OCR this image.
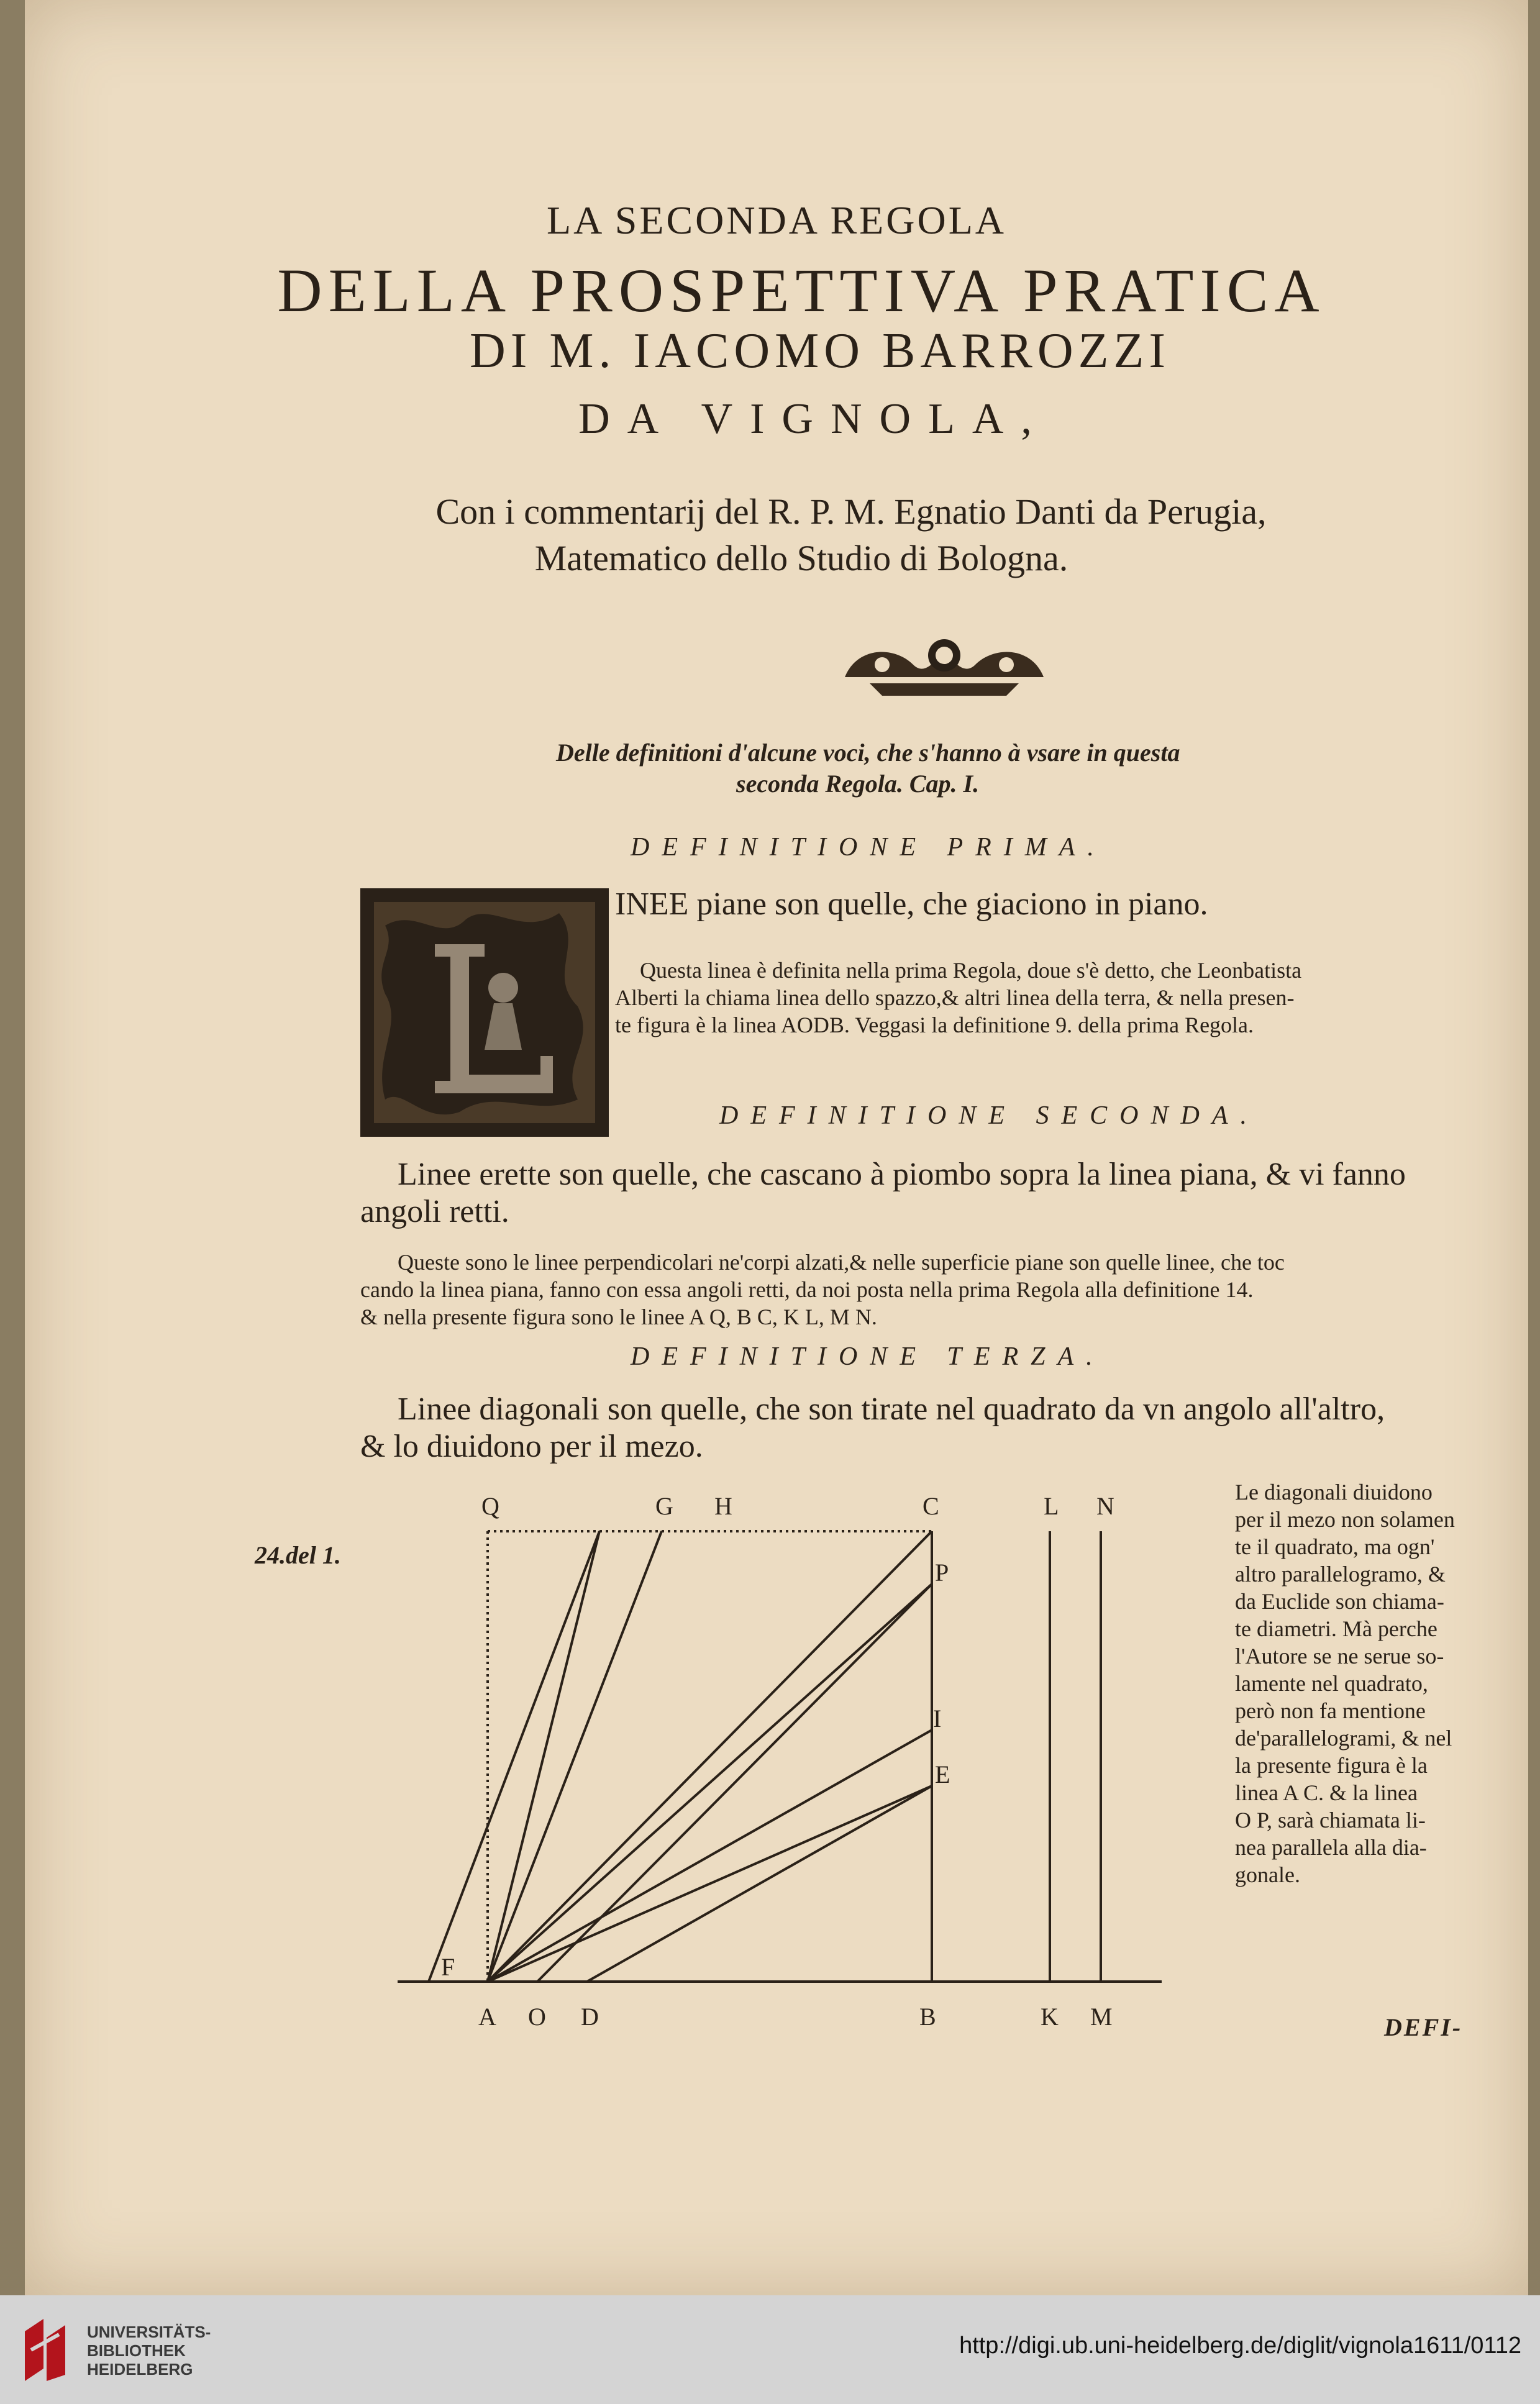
LA SECONDA REGOLA
DELLA PROSPETTIVA PRATICA
DI M. IACOMO BARROZZI
DA VIGNOLA,
Con i commentarij del R. P. M. Egnatio Danti da Perugia,
Matematico dello Studio di Bologna.
Delle definitioni d'alcune voci, che s'hanno à vsare in questa
seconda Regola. Cap. I.
DEFINITIONE PRIMA.
INEE piane son quelle, che giaciono in piano.
Questa linea è definita nella prima Regola, doue s'è detto, che Leonbatista
Alberti la chiama linea dello spazzo,& altri linea della terra, & nella presen-
te figura è la linea AODB. Veggasi la definitione 9. della prima Regola.
DEFINITIONE SECONDA.
Linee erette son quelle, che cascano à piombo sopra la linea piana, & vi fanno
angoli retti.
Queste sono le linee perpendicolari ne'corpi alzati,& nelle superficie piane son quelle linee, che toc
cando la linea piana, fanno con essa angoli retti, da noi posta nella prima Regola alla definitione 14.
& nella presente figura sono le linee A Q, B C, K L, M N.
DEFINITIONE TERZA.
Linee diagonali son quelle, che son tirate nel quadrato da vn angolo all'altro,
& lo diuidono per il mezo.
24.del 1.
Q	G H	C	L N
P
I
E
F
A O D	B	K M
Le diagonali diuidono
per il mezo non solamen
te il quadrato, ma ogn'
altro parallelogramo, &
da Euclide son chiama-
te diametri. Mà perche
l'Autore se ne serue so-
lamente nel quadrato,
però non fa mentione
de'parallelogrami, & nel
la presente figura è la
linea A C. & la linea
O P, sarà chiamata li-
nea parallela alla dia-
gonale.
DEFI-
UNIVERSITÄTS-
BIBLIOTHEK
HEIDELBERG
http://digi.ub.uni-heidelberg.de/diglit/vignola1611/0112
